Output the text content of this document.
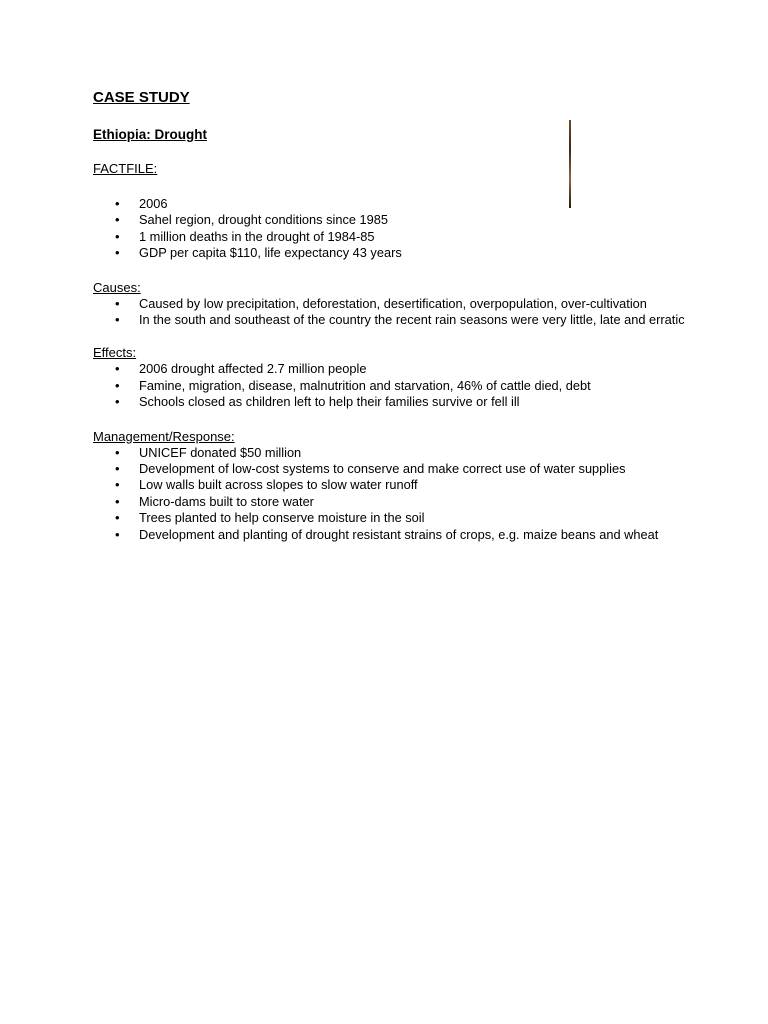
CASE STUDY
Ethiopia: Drought
FACTFILE:
• 2006
• Sahel region, drought conditions since 1985
• 1 million deaths in the drought of 1984-85
• GDP per capita $110, life expectancy 43 years
Causes:
• Caused by low precipitation, deforestation, desertification, overpopulation, over-cultivation
• In the south and southeast of the country the recent rain seasons were very little, late and erratic
Effects:
• 2006 drought affected 2.7 million people
• Famine, migration, disease, malnutrition and starvation, 46% of cattle died, debt
• Schools closed as children left to help their families survive or fell ill
Management/Response:
• UNICEF donated $50 million
• Development of low-cost systems to conserve and make correct use of water supplies
• Low walls built across slopes to slow water runoff
• Micro-dams built to store water
• Trees planted to help conserve moisture in the soil
• Development and planting of drought resistant strains of crops, e.g. maize beans and wheat
